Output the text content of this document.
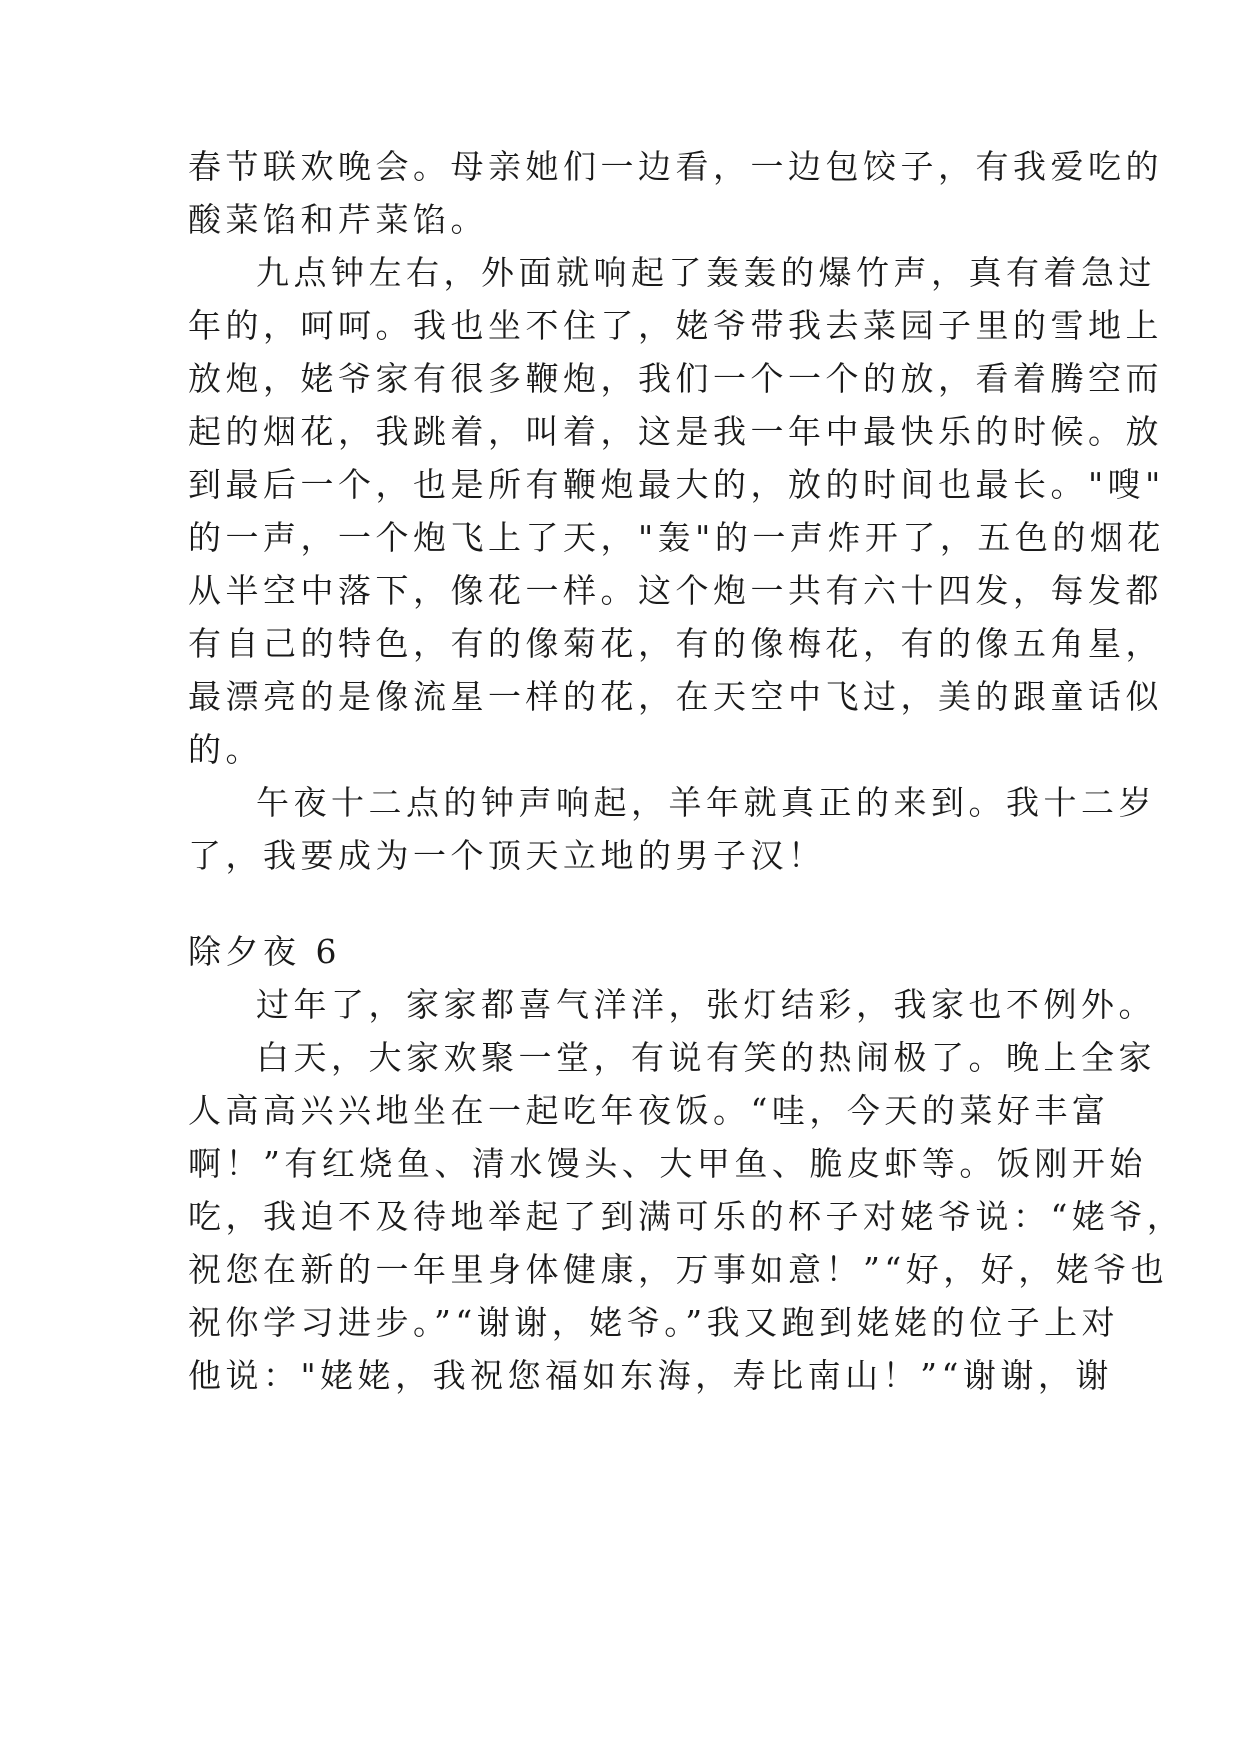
春节联欢晚会。母亲她们一边看，一边包饺子，有我爱吃的
酸菜馅和芹菜馅。
九点钟左右，外面就响起了轰轰的爆竹声，真有着急过
年的，呵呵。我也坐不住了，姥爷带我去菜园子里的雪地上
放炮，姥爷家有很多鞭炮，我们一个一个的放，看着腾空而
起的烟花，我跳着，叫着，这是我一年中最快乐的时候。放
到最后一个，也是所有鞭炮最大的，放的时间也最长。"嗖"
的一声，一个炮飞上了天，"轰"的一声炸开了，五色的烟花
从半空中落下，像花一样。这个炮一共有六十四发，每发都
有自己的特色，有的像菊花，有的像梅花，有的像五角星，
最漂亮的是像流星一样的花，在天空中飞过，美的跟童话似
的。
午夜十二点的钟声响起，羊年就真正的来到。我十二岁
了，我要成为一个顶天立地的男子汉！
除夕夜 6
过年了，家家都喜气洋洋，张灯结彩，我家也不例外。
白天，大家欢聚一堂，有说有笑的热闹极了。晚上全家
人高高兴兴地坐在一起吃年夜饭。“哇，今天的菜好丰富
啊！”有红烧鱼、清水馒头、大甲鱼、脆皮虾等。饭刚开始
吃，我迫不及待地举起了到满可乐的杯子对姥爷说：“姥爷，
祝您在新的一年里身体健康，万事如意！”“好，好，姥爷也
祝你学习进步。”“谢谢，姥爷。”我又跑到姥姥的位子上对
他说："姥姥，我祝您福如东海，寿比南山！”“谢谢，谢
